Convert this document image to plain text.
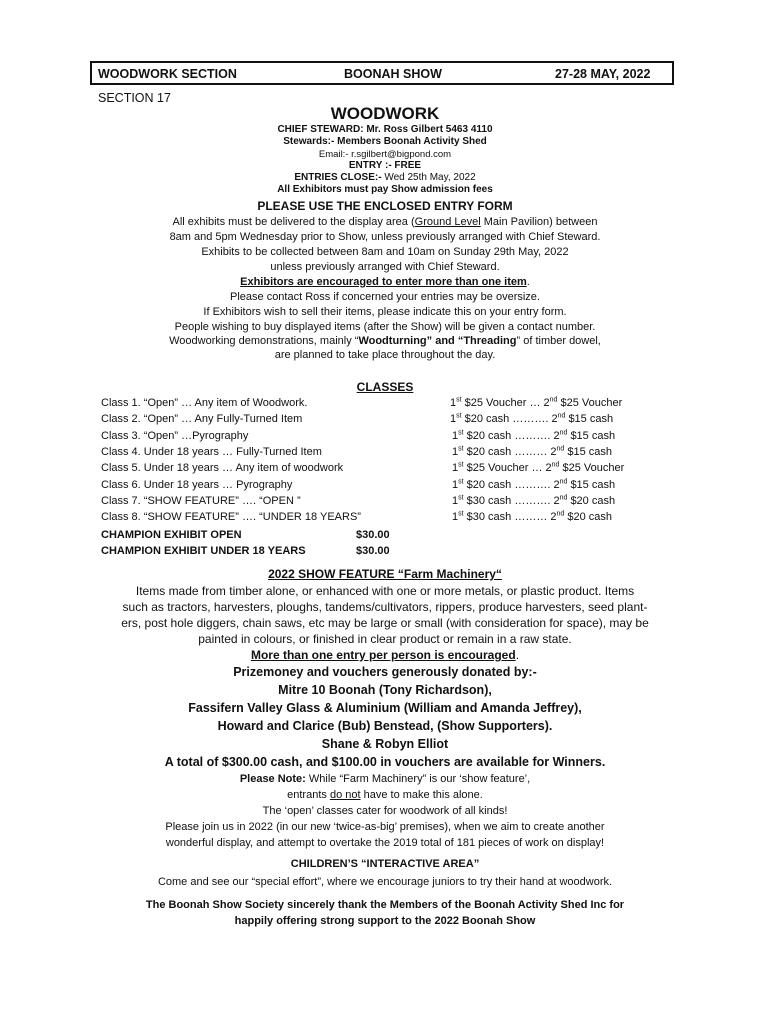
WOODWORK SECTION	BOONAH SHOW	27-28 MAY, 2022
SECTION 17
WOODWORK
CHIEF STEWARD: Mr. Ross Gilbert 5463 4110
Stewards:- Members Boonah Activity Shed
Email:- r.sgilbert@bigpond.com
ENTRY :- FREE
ENTRIES CLOSE:- Wed 25th May, 2022
All Exhibitors must pay Show admission fees
PLEASE USE THE ENCLOSED ENTRY FORM
All exhibits must be delivered to the display area (Ground Level Main Pavilion) between
8am and 5pm Wednesday prior to Show, unless previously arranged with Chief Steward.
Exhibits to be collected between 8am and 10am on Sunday 29th May, 2022
unless previously arranged with Chief Steward.
Exhibitors are encouraged to enter more than one item.
Please contact Ross if concerned your entries may be oversize.
If Exhibitors wish to sell their items, please indicate this on your entry form.
People wishing to buy displayed items (after the Show) will be given a contact number.
Woodworking demonstrations, mainly “Woodturning” and “Threading” of timber dowel,
are planned to take place throughout the day.
CLASSES
Class 1. “Open” … Any item of Woodwork.	1st $25 Voucher … 2nd $25 Voucher
Class 2. “Open” … Any Fully-Turned Item	1st $20 cash ………. 2nd $15 cash
Class 3. “Open” …Pyrography	1st $20 cash ………. 2nd $15 cash
Class 4. Under 18 years … Fully-Turned Item	1st $20 cash ……… 2nd $15 cash
Class 5. Under 18 years … Any item of woodwork	1st $25 Voucher … 2nd $25 Voucher
Class 6. Under 18 years … Pyrography	1st $20 cash ………. 2nd $15 cash
Class 7. “SHOW FEATURE” …. “OPEN ”	1st $30 cash ………. 2nd $20 cash
Class 8. “SHOW FEATURE” …. “UNDER 18 YEARS”	1st $30 cash ……… 2nd $20 cash
CHAMPION EXHIBIT OPEN	$30.00
CHAMPION EXHIBIT UNDER 18 YEARS	$30.00
2022 SHOW FEATURE “Farm Machinery“
Items made from timber alone, or enhanced with one or more metals, or plastic product. Items
such as tractors, harvesters, ploughs, tandems/cultivators, rippers, produce harvesters, seed plant-
ers, post hole diggers, chain saws, etc may be large or small (with consideration for space), may be
painted in colours, or finished in clear product or remain in a raw state.
More than one entry per person is encouraged.
Prizemoney and vouchers generously donated by:-
Mitre 10 Boonah (Tony Richardson),
Fassifern Valley Glass & Aluminium (William and Amanda Jeffrey),
Howard and Clarice (Bub) Benstead, (Show Supporters).
Shane & Robyn Elliot
A total of $300.00 cash, and $100.00 in vouchers are available for Winners.
Please Note: While “Farm Machinery” is our ‘show feature’,
entrants do not have to make this alone.
The ‘open’ classes cater for woodwork of all kinds!
Please join us in 2022 (in our new ‘twice-as-big’ premises), when we aim to create another
wonderful display, and attempt to overtake the 2019 total of 181 pieces of work on display!
CHILDREN’S “INTERACTIVE AREA”
Come and see our “special effort”, where we encourage juniors to try their hand at woodwork.
The Boonah Show Society sincerely thank the Members of the Boonah Activity Shed Inc for
happily offering strong support to the 2022 Boonah Show
